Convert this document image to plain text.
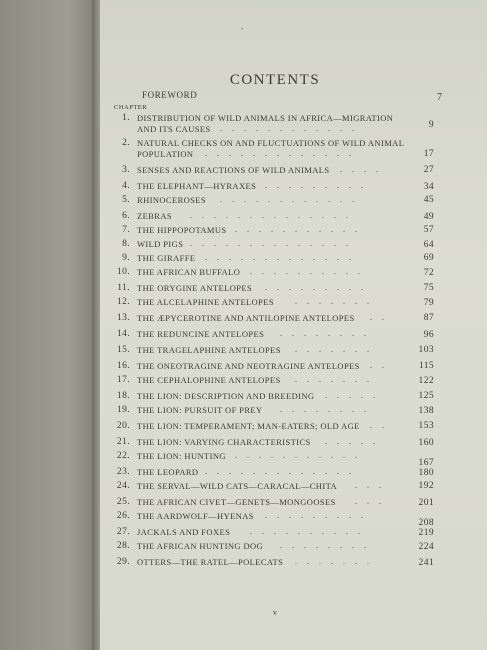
•
CONTENTS
FOREWORD	7
CHAPTER
1. DISTRIBUTION OF WILD ANIMALS IN AFRICA—MIGRATION
AND ITS CAUSES	9
............
2. NATURAL CHECKS ON AND FLUCTUATIONS OF WILD ANIMAL
POPULATION	17
.............
3. SENSES AND REACTIONS OF WILD ANIMALS	27
....
4. THE ELEPHANT—HYRAXES	34
.........
5. RHINOCEROSES	45
............
6. ZEBRAS	49
..............
7. THE HIPPOPOTAMUS	57
...........
8. WILD PIGS	64
..............
9. THE GIRAFFE	69
.............
10. THE AFRICAN BUFFALO	72
..........
11. THE ORYGINE ANTELOPES	75
.........
12. THE ALCELAPHINE ANTELOPES	79
.......
13. THE ÆPYCEROTINE AND ANTILOPINE ANTELOPES	87
..
14. THE REDUNCINE ANTELOPES	96
........
15. THE TRAGELAPHINE ANTELOPES	103
.......
16. THE ONEOTRAGINE AND NEOTRAGINE ANTELOPES	115
..
17. THE CEPHALOPHINE ANTELOPES	122
.......
18. THE LION: DESCRIPTION AND BREEDING	125
.....
19. THE LION: PURSUIT OF PREY	138
........
20. THE LION: TEMPERAMENT; MAN-EATERS; OLD AGE	153
..
21. THE LION: VARYING CHARACTERISTICS	160
.....
22. THE LION: HUNTING
167
...........
23. THE LEOPARD	180
.............
24. THE SERVAL—WILD CATS—CARACAL—CHITA	192
...
25. THE AFRICAN CIVET—GENETS—MONGOOSES	201
...
26. THE AARDWOLF—HYENAS
208
.........
27. JACKALS AND FOXES	219
..........
28. THE AFRICAN HUNTING DOG	224
........
29. OTTERS—THE RATEL—POLECATS	241
.......
v
